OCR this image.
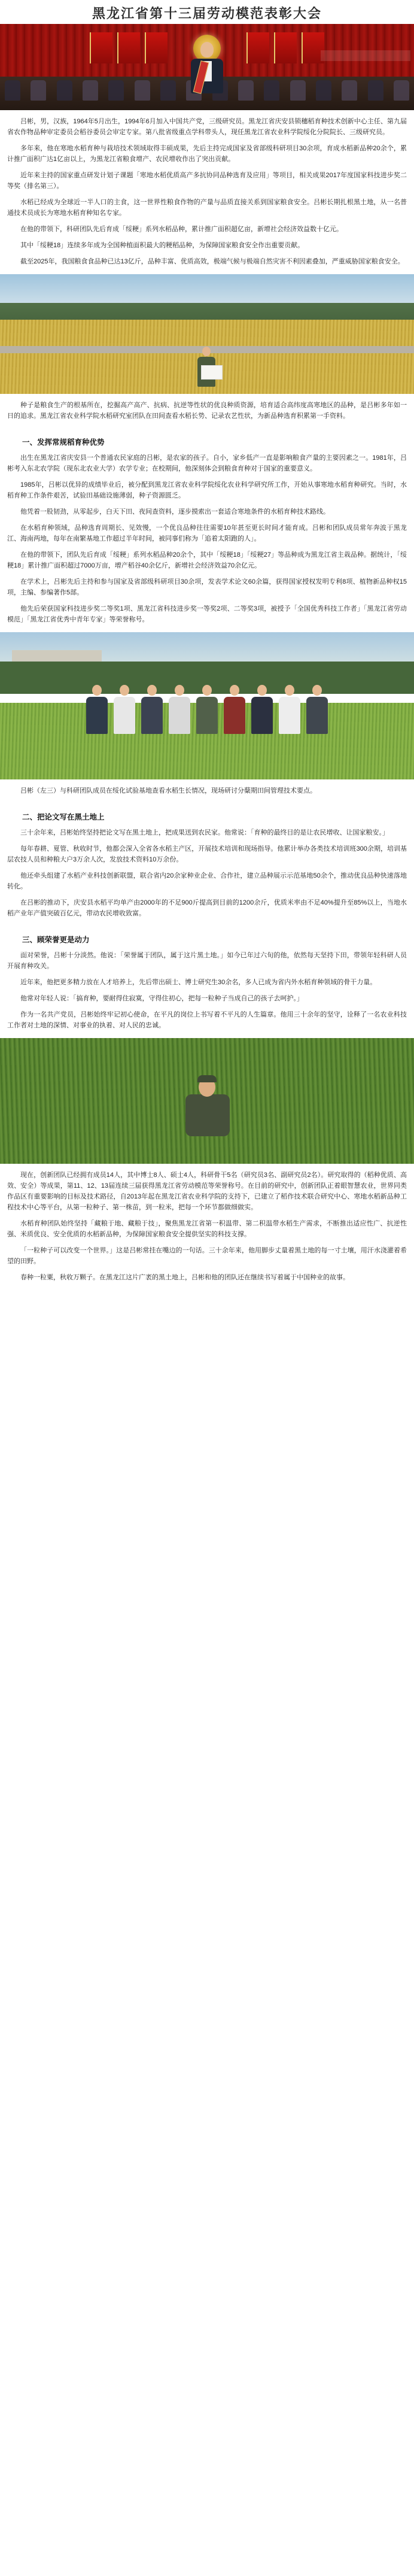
黑龙江省第十三届劳动模范表彰大会

吕彬，男，汉族，1964年5月出生，1994年6月加入中国共产党，三级研究员。黑龙江省庆安县锁穗稻育种技术创新中心主任、第九届省农作物品种审定委员会稻谷委员会审定专家。第八批省级重点学科带头人，现任黑龙江省农业科学院绥化分院院长、三级研究员。

多年来，他在寒地水稻育种与栽培技术领域取得丰硕成果，先后主持完成国家及省部级科研项目30余项，育成水稻新品种20余个，累计推广面积广达1亿亩以上，为黑龙江省粮食增产、农民增收作出了突出贡献。

近年来主持的国家重点研发计划子课题「寒地水稻优质高产多抗协同品种选育及应用」等项目，相关成果2017年度国家科技进步奖二等奖（排名第三）。

水稻已经成为全球近一半人口的主食，这一世界性粮食作物的产量与品质直接关系到国家粮食安全。吕彬长期扎根黑土地，从一名普通技术员成长为寒地水稻育种知名专家。

在他的带领下，科研团队先后育成「绥粳」系列水稻品种，累计推广面积超亿亩，新增社会经济效益数十亿元。

其中「绥粳18」连续多年成为全国种植面积最大的粳稻品种，为保障国家粮食安全作出重要贡献。

截至2025年，我国粮食食品种已达13亿斤，品种丰富、优质高效，极端气候与极端自然灾害不利因素叠加，严重威胁国家粮食安全。

种子是粮食生产的根基所在，挖掘高产高产、抗病、抗逆等性状的优良种质资源，培育适合高纬度高寒地区的品种，是吕彬多年如一日的追求。黑龙江省农业科学院水稻研究室团队在田间查看水稻长势、记录农艺性状，为新品种选育积累第一手资料。

一、发挥常规稻育种优势

出生在黑龙江省庆安县一个普通农民家庭的吕彬，是农家的孩子。自小，家乡低产一直是影响粮食产量的主要因素之一。1981年，吕彬考入东北农学院（现东北农业大学）农学专业；在校期间，他深刻体会到粮食育种对于国家的重要意义。

1985年，吕彬以优异的成绩毕业后，被分配到黑龙江省农业科学院绥化农业科学研究所工作，开始从事寒地水稻育种研究。当时，水稻育种工作条件艰苦，试验田基础设施薄弱，种子资源匮乏。

他凭着一股韧劲，从零起步，白天下田、夜间查资料，逐步摸索出一套适合寒地条件的水稻育种技术路线。

在水稻育种领域，品种选育周期长、见效慢，一个优良品种往往需要10年甚至更长时间才能育成。吕彬和团队成员常年奔波于黑龙江、海南两地，每年在南繁基地工作超过半年时间，被同事们称为「追着太阳跑的人」。

在他的带领下，团队先后育成「绥粳」系列水稻品种20余个，其中「绥粳18」「绥粳27」等品种成为黑龙江省主栽品种。据统计，「绥粳18」累计推广面积超过7000万亩，增产稻谷40余亿斤，新增社会经济效益70余亿元。

在学术上，吕彬先后主持和参与国家及省部级科研项目30余项，发表学术论文60余篇，获得国家授权发明专利8项、植物新品种权15项，主编、参编著作5部。

他先后荣获国家科技进步奖二等奖1项、黑龙江省科技进步奖一等奖2项、二等奖3项，被授予「全国优秀科技工作者」「黑龙江省劳动模范」「黑龙江省优秀中青年专家」等荣誉称号。

吕彬（左三）与科研团队成员在绥化试验基地查看水稻生长情况，现场研讨分蘖期田间管理技术要点。

二、把论文写在黑土地上

三十余年来，吕彬始终坚持把论文写在黑土地上，把成果送到农民家。他常说：「育种的最终目的是让农民增收、让国家粮安。」

每年春耕、夏管、秋收时节，他都会深入全省各水稻主产区，开展技术培训和现场指导。他累计举办各类技术培训班300余期，培训基层农技人员和种粮大户3万余人次，发放技术资料10万余份。

他还牵头组建了水稻产业科技创新联盟，联合省内20余家种业企业、合作社，建立品种展示示范基地50余个，推动优良品种快速落地转化。

在吕彬的推动下，庆安县水稻平均单产由2000年的不足900斤提高到目前的1200余斤，优质米率由不足40%提升至85%以上，当地水稻产业年产值突破百亿元，带动农民增收致富。

三、顾荣誉更是动力

面对荣誉，吕彬十分淡然。他说：「荣誉属于团队，属于这片黑土地。」如今已年过六旬的他，依然每天坚持下田，带领年轻科研人员开展育种攻关。

近年来，他把更多精力放在人才培养上，先后带出硕士、博士研究生30余名，多人已成为省内外水稻育种领域的骨干力量。

他常对年轻人说：「搞育种，要耐得住寂寞，守得住初心，把每一粒种子当成自己的孩子去呵护。」

作为一名共产党员，吕彬始终牢记初心使命，在平凡的岗位上书写着不平凡的人生篇章。他用三十余年的坚守，诠释了一名农业科技工作者对土地的深情、对事业的执着、对人民的忠诚。

现在，创新团队已经拥有成员14人，其中博士8人、硕士4人，科研骨干5名（研究员3名、副研究员2名）。研究取得的（稻种优质、高效、安全）等成果，第11、12、13届连续三届获得黑龙江省劳动模范等荣誉称号。在目前的研究中，创新团队正着眼智慧农业，世界同类作品区有重要影响的目标及技术路径，自2013年起在黑龙江省农业科学院的支持下，已建立了稻作技术联合研究中心、寒地水稻新品种工程技术中心等平台，从第一粒种子、第一株苗，到一粒米，把每一个环节都做细做实。

水稻育种团队始终坚持「藏粮于地、藏粮于技」，聚焦黑龙江省第一积温带、第二积温带水稻生产需求，不断推出适应性广、抗逆性强、米质优良、安全优质的水稻新品种，为保障国家粮食安全提供坚实的科技支撑。

「一粒种子可以改变一个世界。」这是吕彬常挂在嘴边的一句话。三十余年来，他用脚步丈量着黑土地的每一寸土壤，用汗水浇灌着希望的田野。

春种一粒粟，秋收万颗子。在黑龙江这片广袤的黑土地上，吕彬和他的团队还在继续书写着属于中国种业的故事。
